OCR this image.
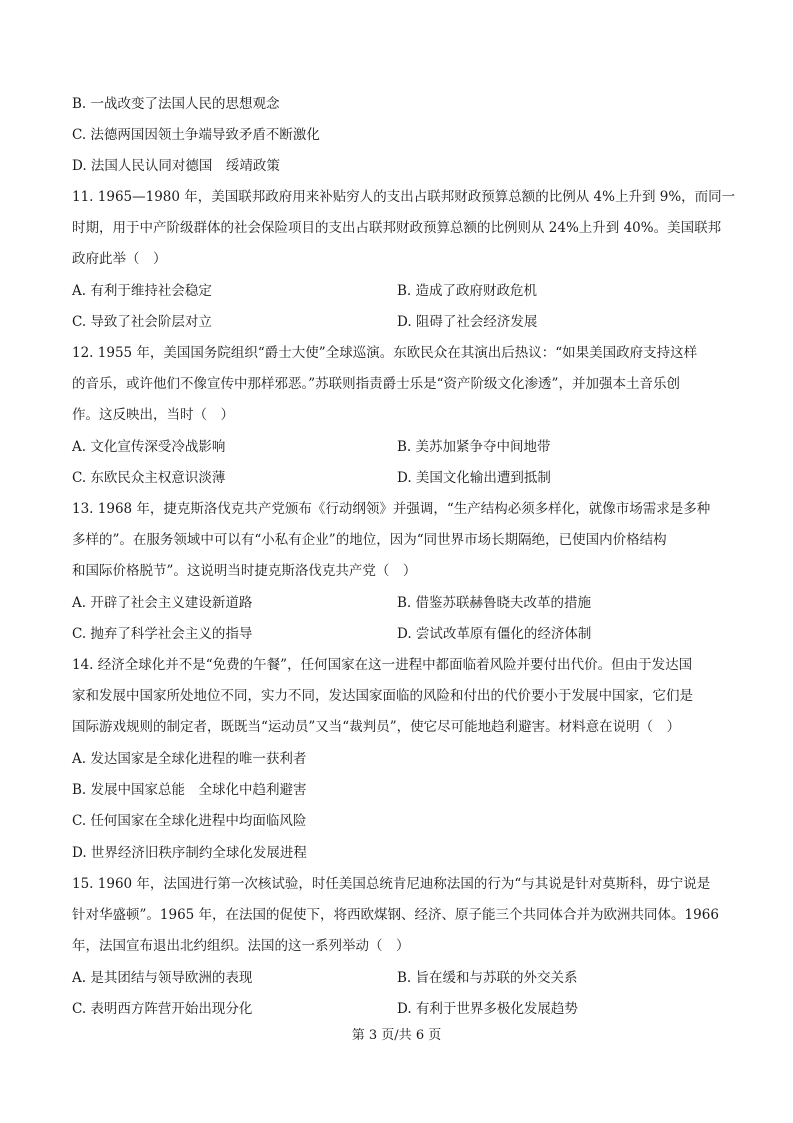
B. 一战改变了法国人民的思想观念
C. 法德两国因领土争端导致矛盾不断激化
D. 法国人民认同对德国　绥靖政策
11. 1965—1980 年，美国联邦政府用来补贴穷人的支出占联邦财政预算总额的比例从 4%上升到 9%，而同一
时期，用于中产阶级群体的社会保险项目的支出占联邦财政预算总额的比例则从 24%上升到 40%。美国联邦
政府此举（　）
A. 有利于维持社会稳定	B. 造成了政府财政危机
C. 导致了社会阶层对立	D. 阻碍了社会经济发展
12. 1955 年，美国国务院组织“爵士大使”全球巡演。东欧民众在其演出后热议：“如果美国政府支持这样
的音乐，或许他们不像宣传中那样邪恶。”苏联则指责爵士乐是“资产阶级文化渗透”，并加强本土音乐创
作。这反映出，当时（　）
A. 文化宣传深受冷战影响	B. 美苏加紧争夺中间地带
C. 东欧民众主权意识淡薄	D. 美国文化输出遭到抵制
13. 1968 年，捷克斯洛伐克共产党颁布《行动纲领》并强调，“生产结构必须多样化，就像市场需求是多种
多样的”。在服务领域中可以有“小私有企业”的地位，因为“同世界市场长期隔绝，已使国内价格结构
和国际价格脱节”。这说明当时捷克斯洛伐克共产党（　）
A. 开辟了社会主义建设新道路	B. 借鉴苏联赫鲁晓夫改革的措施
C. 抛弃了科学社会主义的指导	D. 尝试改革原有僵化的经济体制
14. 经济全球化并不是“免费的午餐”，任何国家在这一进程中都面临着风险并要付出代价。但由于发达国
家和发展中国家所处地位不同，实力不同，发达国家面临的风险和付出的代价要小于发展中国家，它们是
国际游戏规则的制定者，既既当“运动员”又当“裁判员”，使它尽可能地趋利避害。材料意在说明（　）
A. 发达国家是全球化进程的唯一获利者
B. 发展中国家总能　全球化中趋利避害
C. 任何国家在全球化进程中均面临风险
D. 世界经济旧秩序制约全球化发展进程
15. 1960 年，法国进行第一次核试验，时任美国总统肯尼迪称法国的行为“与其说是针对莫斯科，毋宁说是
针对华盛顿”。1965 年，在法国的促使下，将西欧煤钢、经济、原子能三个共同体合并为欧洲共同体。1966
年，法国宣布退出北约组织。法国的这一系列举动（　）
A. 是其团结与领导欧洲的表现	B. 旨在缓和与苏联的外交关系
C. 表明西方阵营开始出现分化	D. 有利于世界多极化发展趋势
第 3 页/共 6 页
